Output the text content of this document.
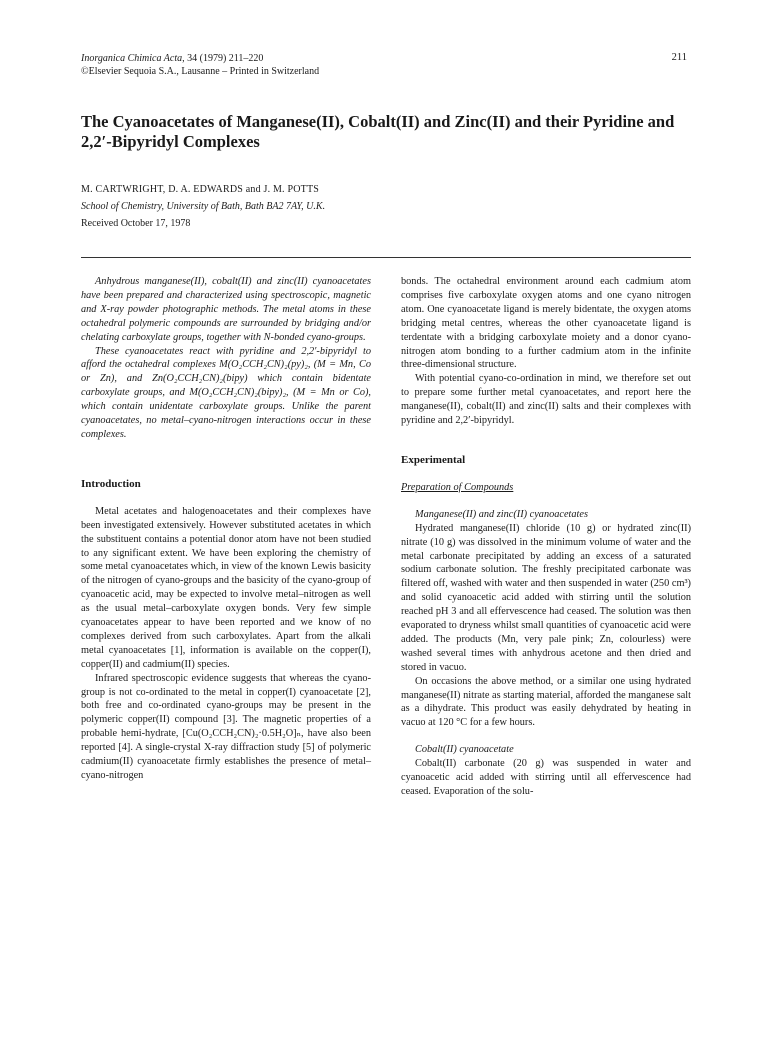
Inorganica Chimica Acta, 34 (1979) 211–220
©Elsevier Sequoia S.A., Lausanne – Printed in Switzerland
211
The Cyanoacetates of Manganese(II), Cobalt(II) and Zinc(II) and their Pyridine and 2,2′-Bipyridyl Complexes
M. CARTWRIGHT, D. A. EDWARDS and J. M. POTTS
School of Chemistry, University of Bath, Bath BA2 7AY, U.K.
Received October 17, 1978

Anhydrous manganese(II), cobalt(II) and zinc(II) cyanoacetates have been prepared and characterized using spectroscopic, magnetic and X-ray powder photographic methods. The metal atoms in these octahedral polymeric compounds are surrounded by bridging and/or chelating carboxylate groups, together with N-bonded cyano-groups.

These cyanoacetates react with pyridine and 2,2′-bipyridyl to afford the octahedral complexes M(O₂CCH₂CN)₂(py)₂, (M = Mn, Co or Zn), and Zn(O₂CCH₂CN)₂(bipy) which contain bidentate carboxylate groups, and M(O₂CCH₂CN)₂(bipy)₂, (M = Mn or Co), which contain unidentate carboxylate groups. Unlike the parent cyanoacetates, no metal–cyano-nitrogen interactions occur in these complexes.

Introduction

Metal acetates and halogenoacetates and their complexes have been investigated extensively. However substituted acetates in which the substituent contains a potential donor atom have not been studied to any significant extent. We have been exploring the chemistry of some metal cyanoacetates which, in view of the known Lewis basicity of the nitrogen of cyano-groups and the basicity of the cyano-group of cyanoacetic acid, may be expected to involve metal–nitrogen as well as the usual metal–carboxylate oxygen bonds. Very few simple cyanoacetates appear to have been reported and we know of no complexes derived from such carboxylates. Apart from the alkali metal cyanoacetates [1], information is available on the copper(I), copper(II) and cadmium(II) species.

Infrared spectroscopic evidence suggests that whereas the cyano-group is not co-ordinated to the metal in copper(I) cyanoacetate [2], both free and co-ordinated cyano-groups may be present in the polymeric copper(II) compound [3]. The magnetic properties of a probable hemi-hydrate, [Cu(O₂CCH₂CN)₂·0.5H₂O]ₙ, have also been reported [4]. A single-crystal X-ray diffraction study [5] of polymeric cadmium(II) cyanoacetate firmly establishes the presence of metal–cyano-nitrogen

bonds. The octahedral environment around each cadmium atom comprises five carboxylate oxygen atoms and one cyano nitrogen atom. One cyanoacetate ligand is merely bidentate, the oxygen atoms bridging metal centres, whereas the other cyanoacetate ligand is terdentate with a bridging carboxylate moiety and a donor cyano-nitrogen atom bonding to a further cadmium atom in the infinite three-dimensional structure.

With potential cyano-co-ordination in mind, we therefore set out to prepare some further metal cyanoacetates, and report here the manganese(II), cobalt(II) and zinc(II) salts and their complexes with pyridine and 2,2′-bipyridyl.

Experimental
Preparation of Compounds
Manganese(II) and zinc(II) cyanoacetates

Hydrated manganese(II) chloride (10 g) or hydrated zinc(II) nitrate (10 g) was dissolved in the minimum volume of water and the metal carbonate precipitated by adding an excess of a saturated sodium carbonate solution. The freshly precipitated carbonate was filtered off, washed with water and then suspended in water (250 cm³) and solid cyanoacetic acid added with stirring until the solution reached pH 3 and all effervescence had ceased. The solution was then evaporated to dryness whilst small quantities of cyanoacetic acid were added. The products (Mn, very pale pink; Zn, colourless) were washed several times with anhydrous acetone and then dried and stored in vacuo.

On occasions the above method, or a similar one using hydrated manganese(II) nitrate as starting material, afforded the manganese salt as a dihydrate. This product was easily dehydrated by heating in vacuo at 120 °C for a few hours.

Cobalt(II) cyanoacetate

Cobalt(II) carbonate (20 g) was suspended in water and cyanoacetic acid added with stirring until all effervescence had ceased. Evaporation of the solu-
